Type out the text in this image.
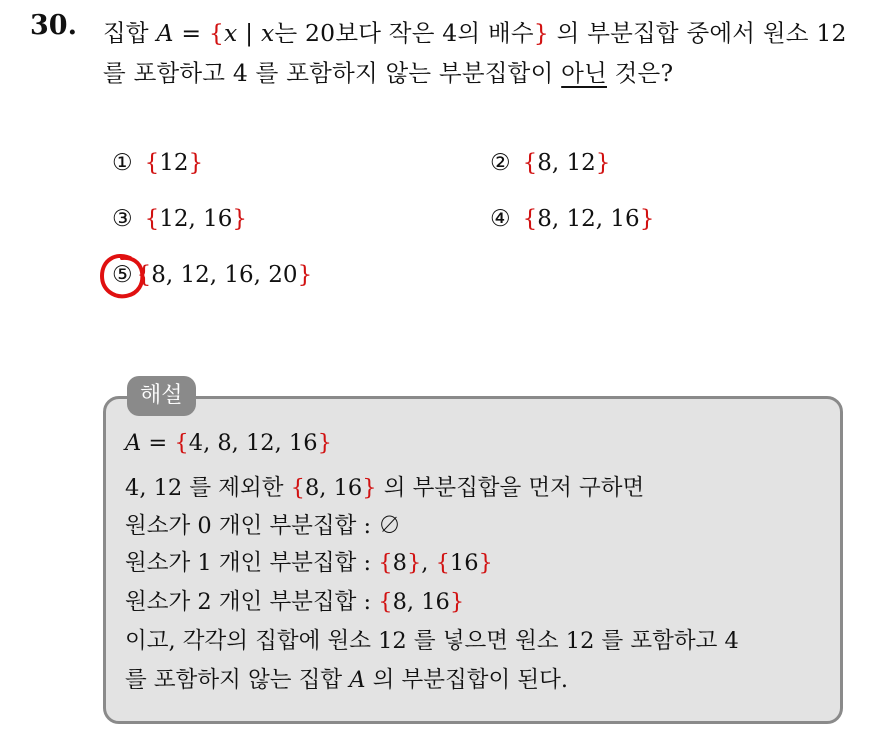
30. 집합 A = {x | x는 20보다 작은 4의 배수} 의 부분집합 중에서 원소 12
를 포함하고 4 를 포함하지 않는 부분집합이 아닌 것은?
① {12}	② {8, 12}
③ {12, 16}	④ {8, 12, 16}
⑤ {8, 12, 16, 20}
해설
A = {4, 8, 12, 16}
4, 12 를 제외한 {8, 16} 의 부분집합을 먼저 구하면
원소가 0 개인 부분집합 : ∅
원소가 1 개인 부분집합 : {8}, {16}
원소가 2 개인 부분집합 : {8, 16}
이고, 각각의 집합에 원소 12 를 넣으면 원소 12 를 포함하고 4
를 포함하지 않는 집합 A 의 부분집합이 된다.
